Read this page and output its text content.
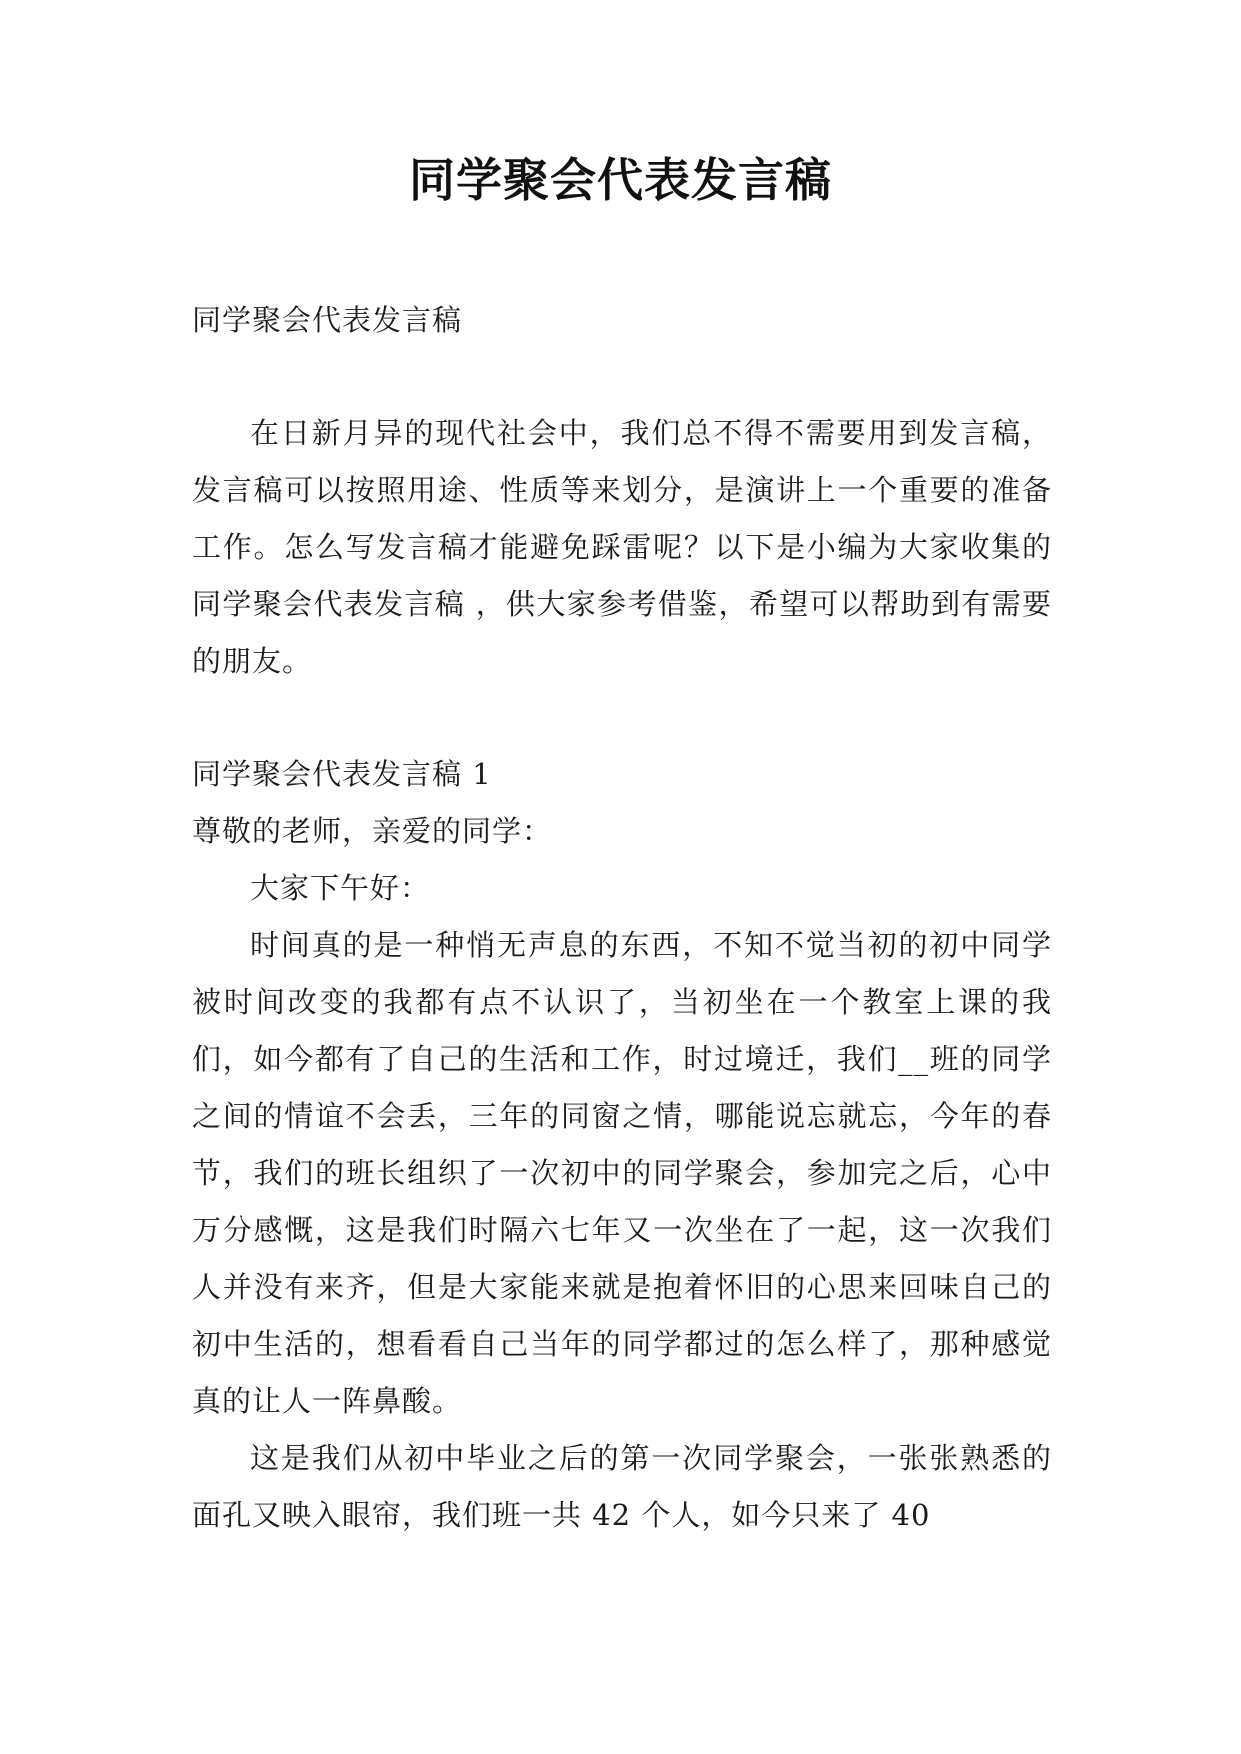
同学聚会代表发言稿

同学聚会代表发言稿

在日新月异的现代社会中，我们总不得不需要用到发言稿，发言稿可以按照用途、性质等来划分，是演讲上一个重要的准备工作。怎么写发言稿才能避免踩雷呢？以下是小编为大家收集的同学聚会代表发言稿 ，供大家参考借鉴，希望可以帮助到有需要的朋友。

同学聚会代表发言稿 1

尊敬的老师，亲爱的同学：

大家下午好：

时间真的是一种悄无声息的东西，不知不觉当初的初中同学被时间改变的我都有点不认识了，当初坐在一个教室上课的我们，如今都有了自己的生活和工作，时过境迁，我们__班的同学之间的情谊不会丢，三年的同窗之情，哪能说忘就忘，今年的春节，我们的班长组织了一次初中的同学聚会，参加完之后，心中万分感慨，这是我们时隔六七年又一次坐在了一起，这一次我们人并没有来齐，但是大家能来就是抱着怀旧的心思来回味自己的初中生活的，想看看自己当年的同学都过的怎么样了，那种感觉真的让人一阵鼻酸。

这是我们从初中毕业之后的第一次同学聚会，一张张熟悉的面孔又映入眼帘，我们班一共 42 个人，如今只来了 40
